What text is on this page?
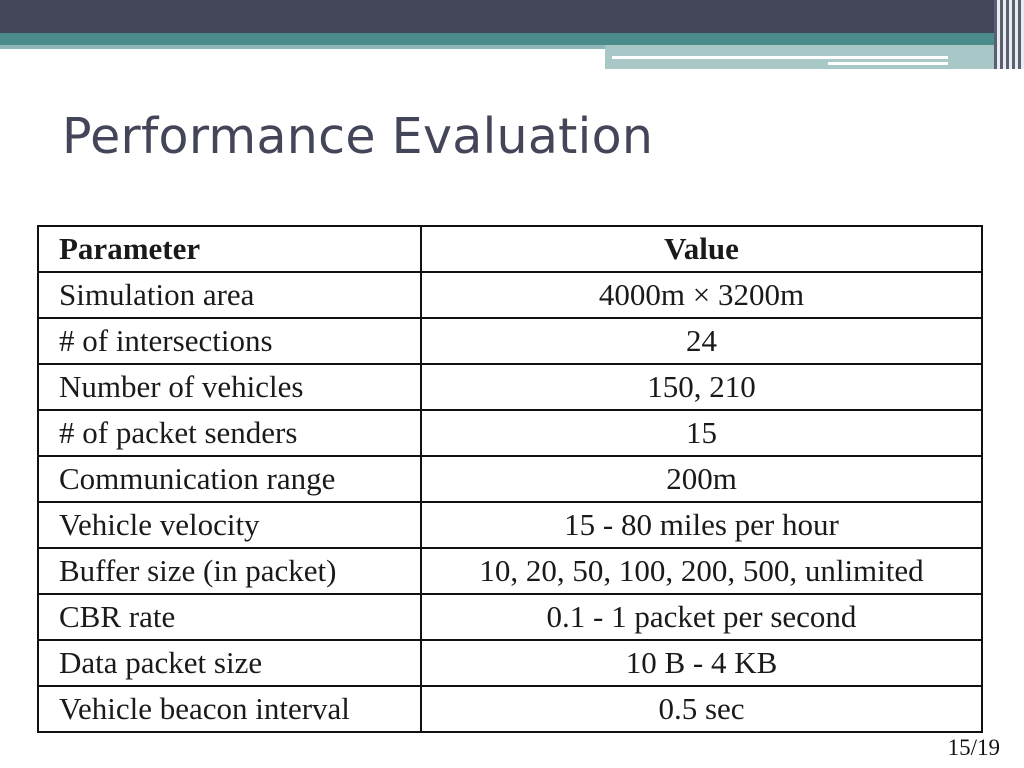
Performance Evaluation
Parameter	Value
Simulation area	4000m × 3200m
# of intersections	24
Number of vehicles	150, 210
# of packet senders	15
Communication range	200m
Vehicle velocity	15 - 80 miles per hour
Buffer size (in packet)	10, 20, 50, 100, 200, 500, unlimited
CBR rate	0.1 - 1 packet per second
Data packet size	10 B - 4 KB
Vehicle beacon interval	0.5 sec
15/19
